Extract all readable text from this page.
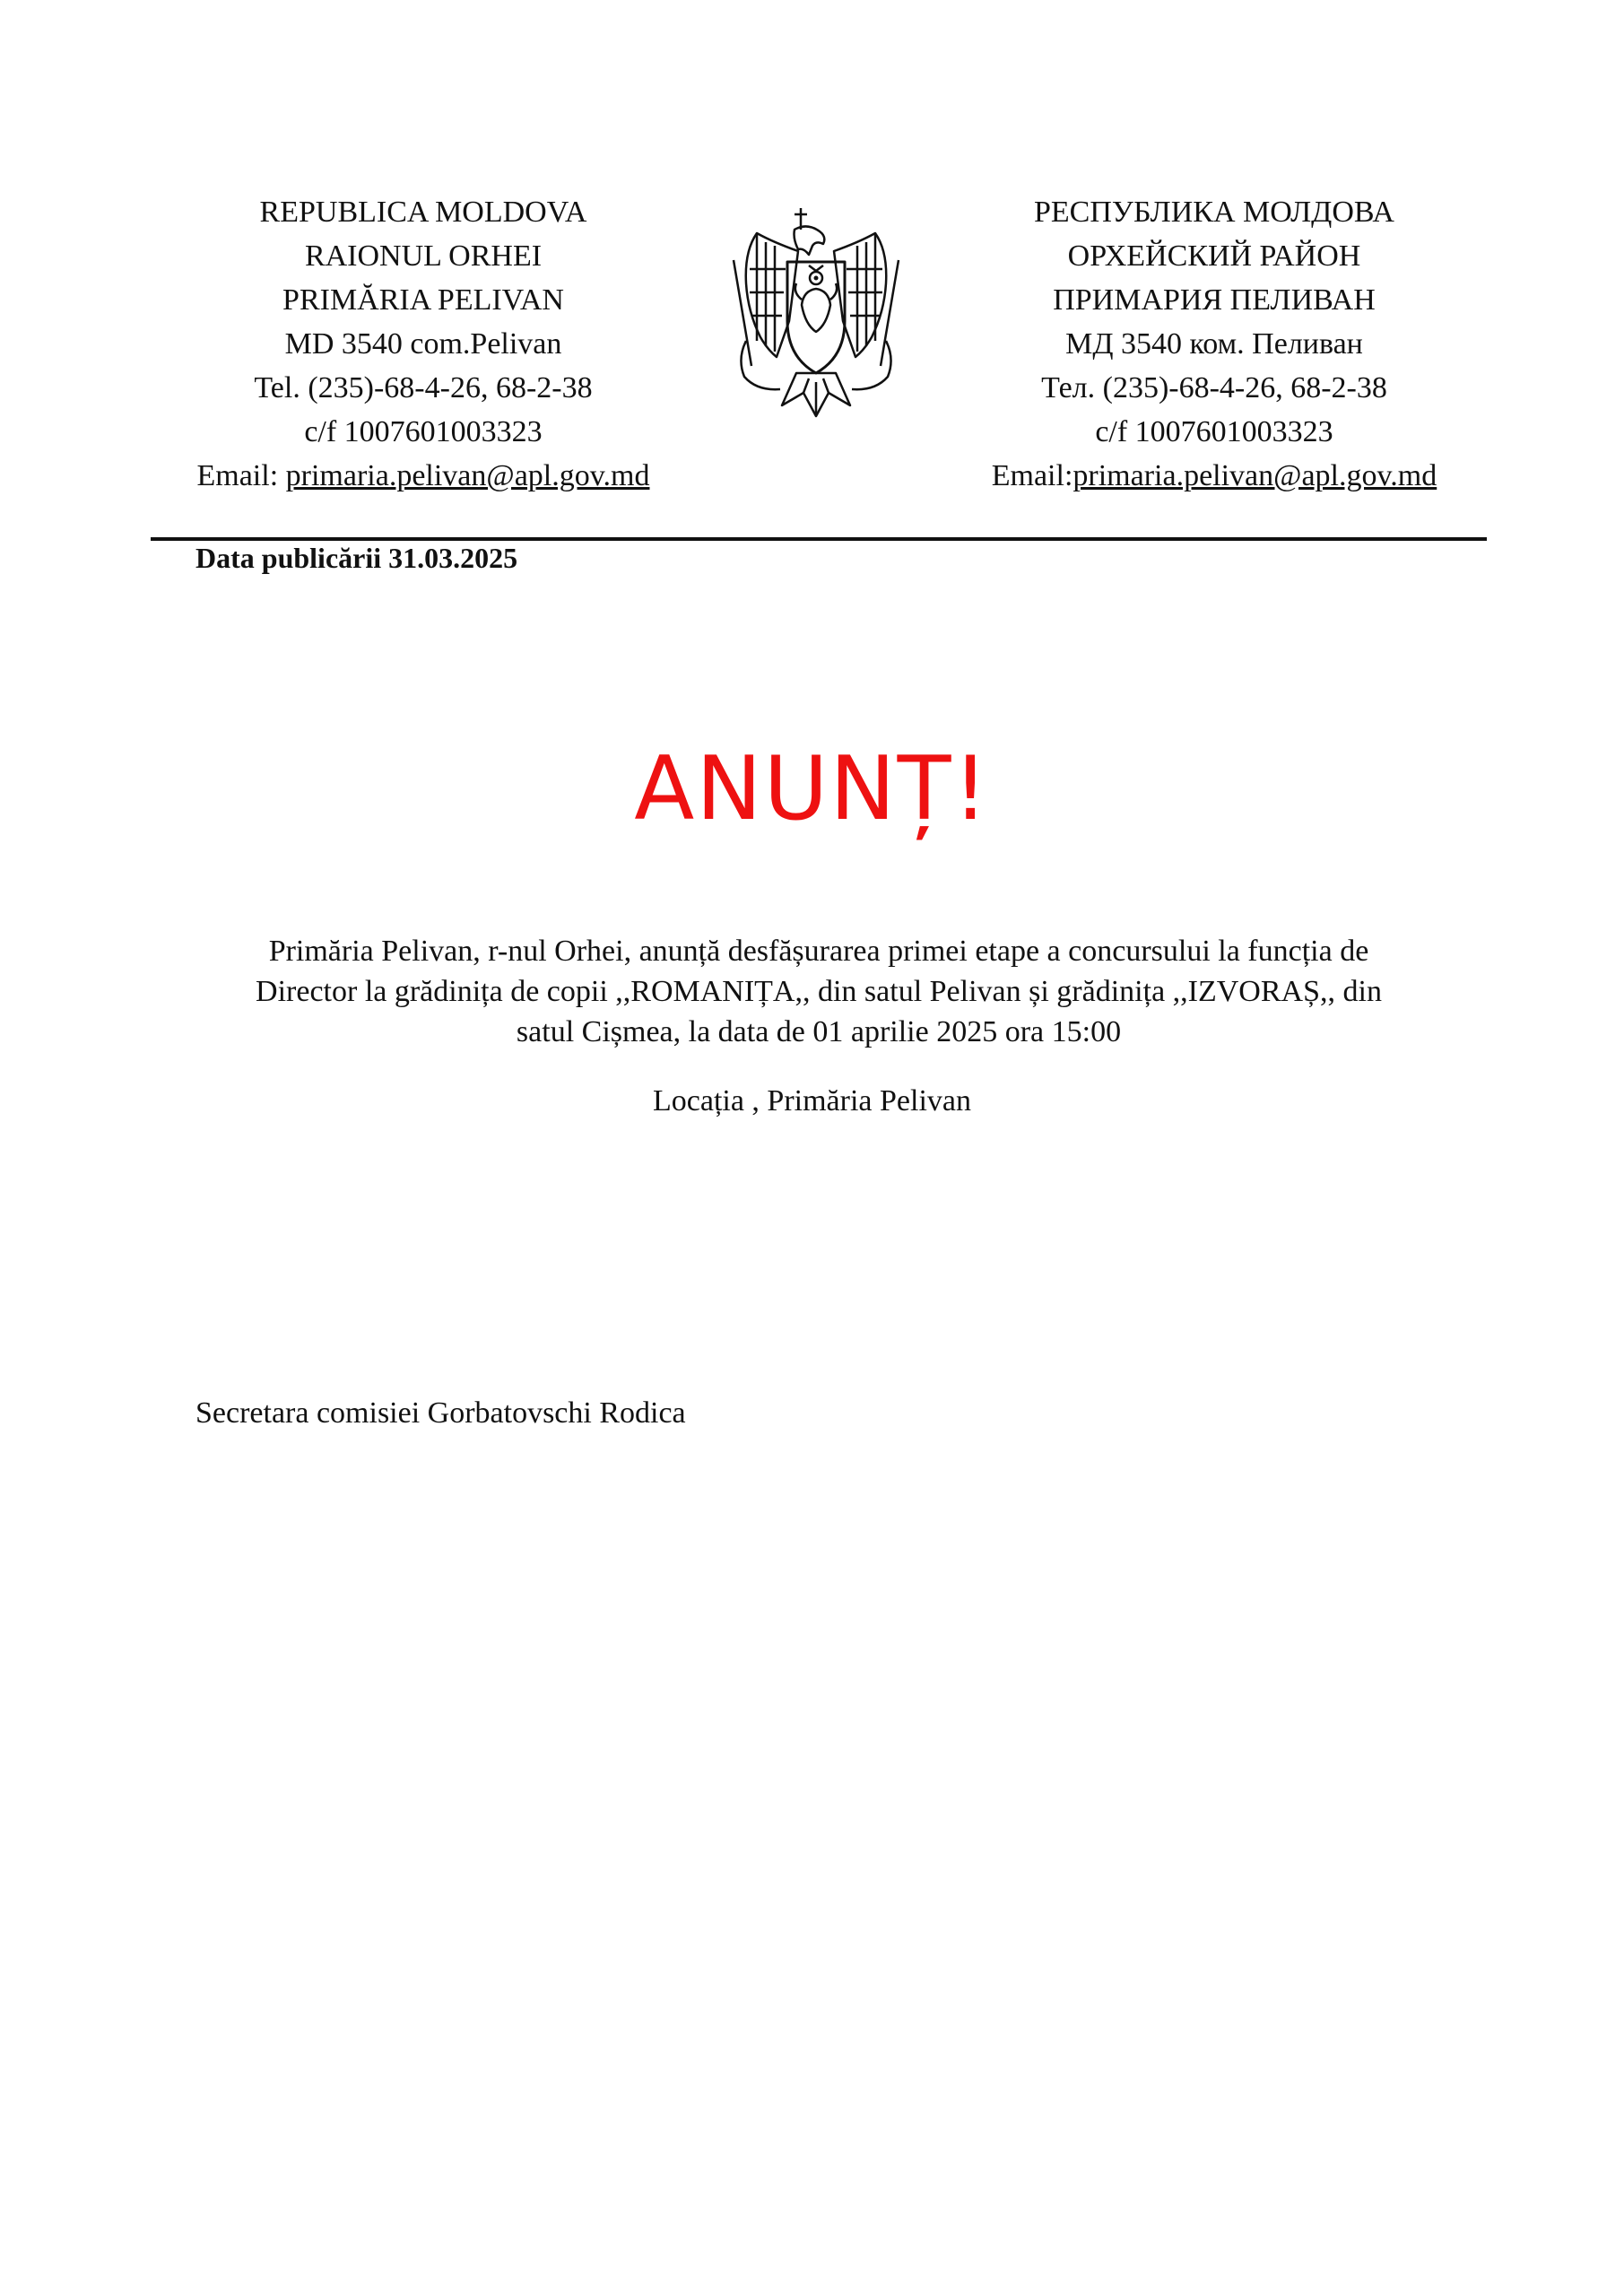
REPUBLICA MOLDOVA
RAIONUL ORHEI
PRIMĂRIA PELIVAN
MD 3540 com.Pelivan
Tel. (235)-68-4-26, 68-2-38
c/f 1007601003323
Email: primaria.pelivan@apl.gov.md
РЕСПУБЛИКА МОЛДОВА
ОРХЕЙСКИЙ РАЙОН
ПРИМАРИЯ ПЕЛИВАН
МД 3540 ком. Пеливан
Тел. (235)-68-4-26, 68-2-38
c/f 1007601003323
Email:primaria.pelivan@apl.gov.md
Data publicării 31.03.2025
ANUNȚ!
Primăria Pelivan, r-nul Orhei, anunță desfășurarea primei etape a concursului la funcția de
Director la grădinița de copii ,,ROMANIȚA,, din satul Pelivan și grădinița ,,IZVORAȘ,, din
satul Cișmea, la data de 01 aprilie 2025 ora 15:00
Locația , Primăria Pelivan
Secretara comisiei Gorbatovschi Rodica
